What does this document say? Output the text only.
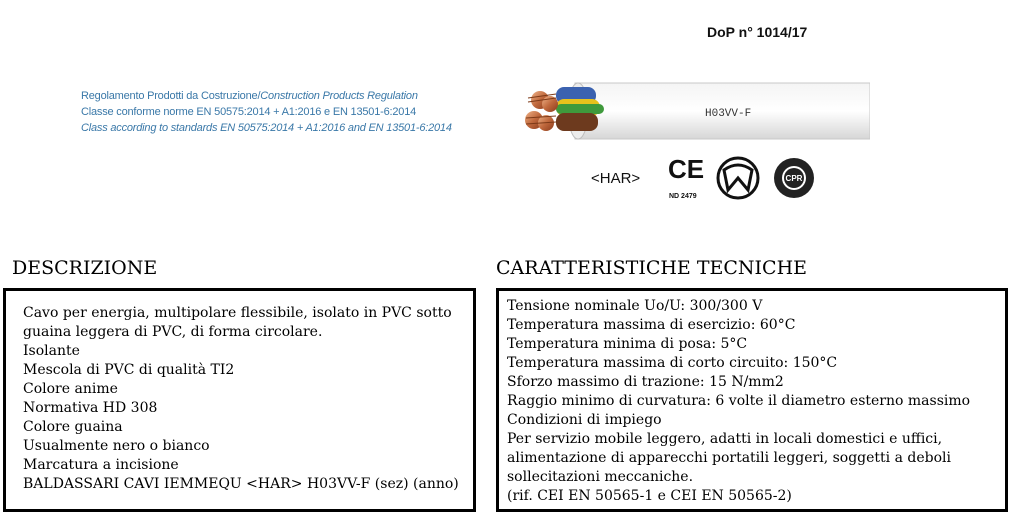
DoP n° 1014/17
Regolamento Prodotti da Costruzione/Construction Products Regulation
Classe conforme norme EN 50575:2014 + A1:2016 e EN 13501-6:2014
Class according to standards EN 50575:2014 + A1:2016 and EN 13501-6:2014
H03VV-F
<HAR> CE	CPR
ND 2479
DESCRIZIONE	CARATTERISTICHE TECNICHE
Cavo per energia, multipolare flessibile, isolato in PVC sotto
guaina leggera di PVC, di forma circolare.
Isolante
Mescola di PVC di qualità TI2
Colore anime
Normativa HD 308
Colore guaina
Usualmente nero o bianco
Marcatura a incisione
BALDASSARI CAVI IEMMEQU <HAR> H03VV-F (sez) (anno)
Tensione nominale Uo/U: 300/300 V
Temperatura massima di esercizio: 60°C
Temperatura minima di posa: 5°C
Temperatura massima di corto circuito: 150°C
Sforzo massimo di trazione: 15 N/mm2
Raggio minimo di curvatura: 6 volte il diametro esterno massimo
Condizioni di impiego
Per servizio mobile leggero, adatti in locali domestici e uffici,
alimentazione di apparecchi portatili leggeri, soggetti a deboli
sollecitazioni meccaniche.
(rif. CEI EN 50565-1 e CEI EN 50565-2)
